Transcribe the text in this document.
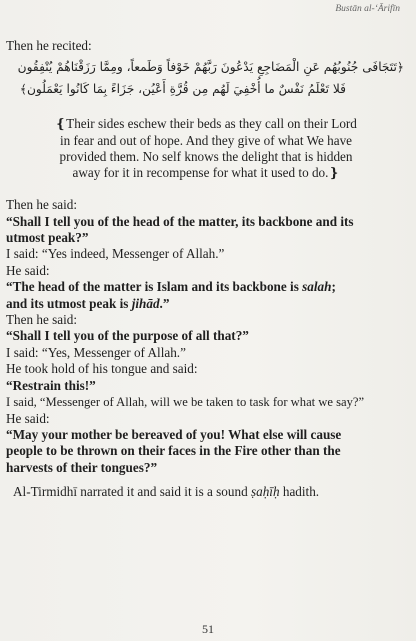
Bustān al-‘Ārifīn
Then he recited:
﴿تَتَجَافَى جُنُوبُهُم عَنِ الْمَضَاجِعِ يَدْعُونَ رَبَّهُمْ خَوْفاً وَطَمعاً، ومِمَّا رَزَقْنَاهُمْ يُنْفِقُون
فَلا تَعْلَمُ نَفْسٌ ما أُخْفِيَ لَهُم مِن قُرَّةِ أَعْيُن، جَزَاءً بِمَا كَانُوا يَعْمَلُون﴾
❴Their sides eschew their beds as they call on their Lord
in fear and out of hope. And they give of what We have
provided them. No self knows the delight that is hidden
away for it in recompense for what it used to do.❵
Then he said:
“Shall I tell you of the head of the matter, its backbone and its
utmost peak?”
I said: “Yes indeed, Messenger of Allah.”
He said:
“The head of the matter is Islam and its backbone is salah;
and its utmost peak is jihād.”
Then he said:
“Shall I tell you of the purpose of all that?”
I said: “Yes, Messenger of Allah.”
He took hold of his tongue and said:
“Restrain this!”
I said, “Messenger of Allah, will we be taken to task for what we say?”
He said:
“May your mother be bereaved of you! What else will cause
people to be thrown on their faces in the Fire other than the
harvests of their tongues?”
Al-Tirmidhī narrated it and said it is a sound ṣaḥīḥ hadith.
51
